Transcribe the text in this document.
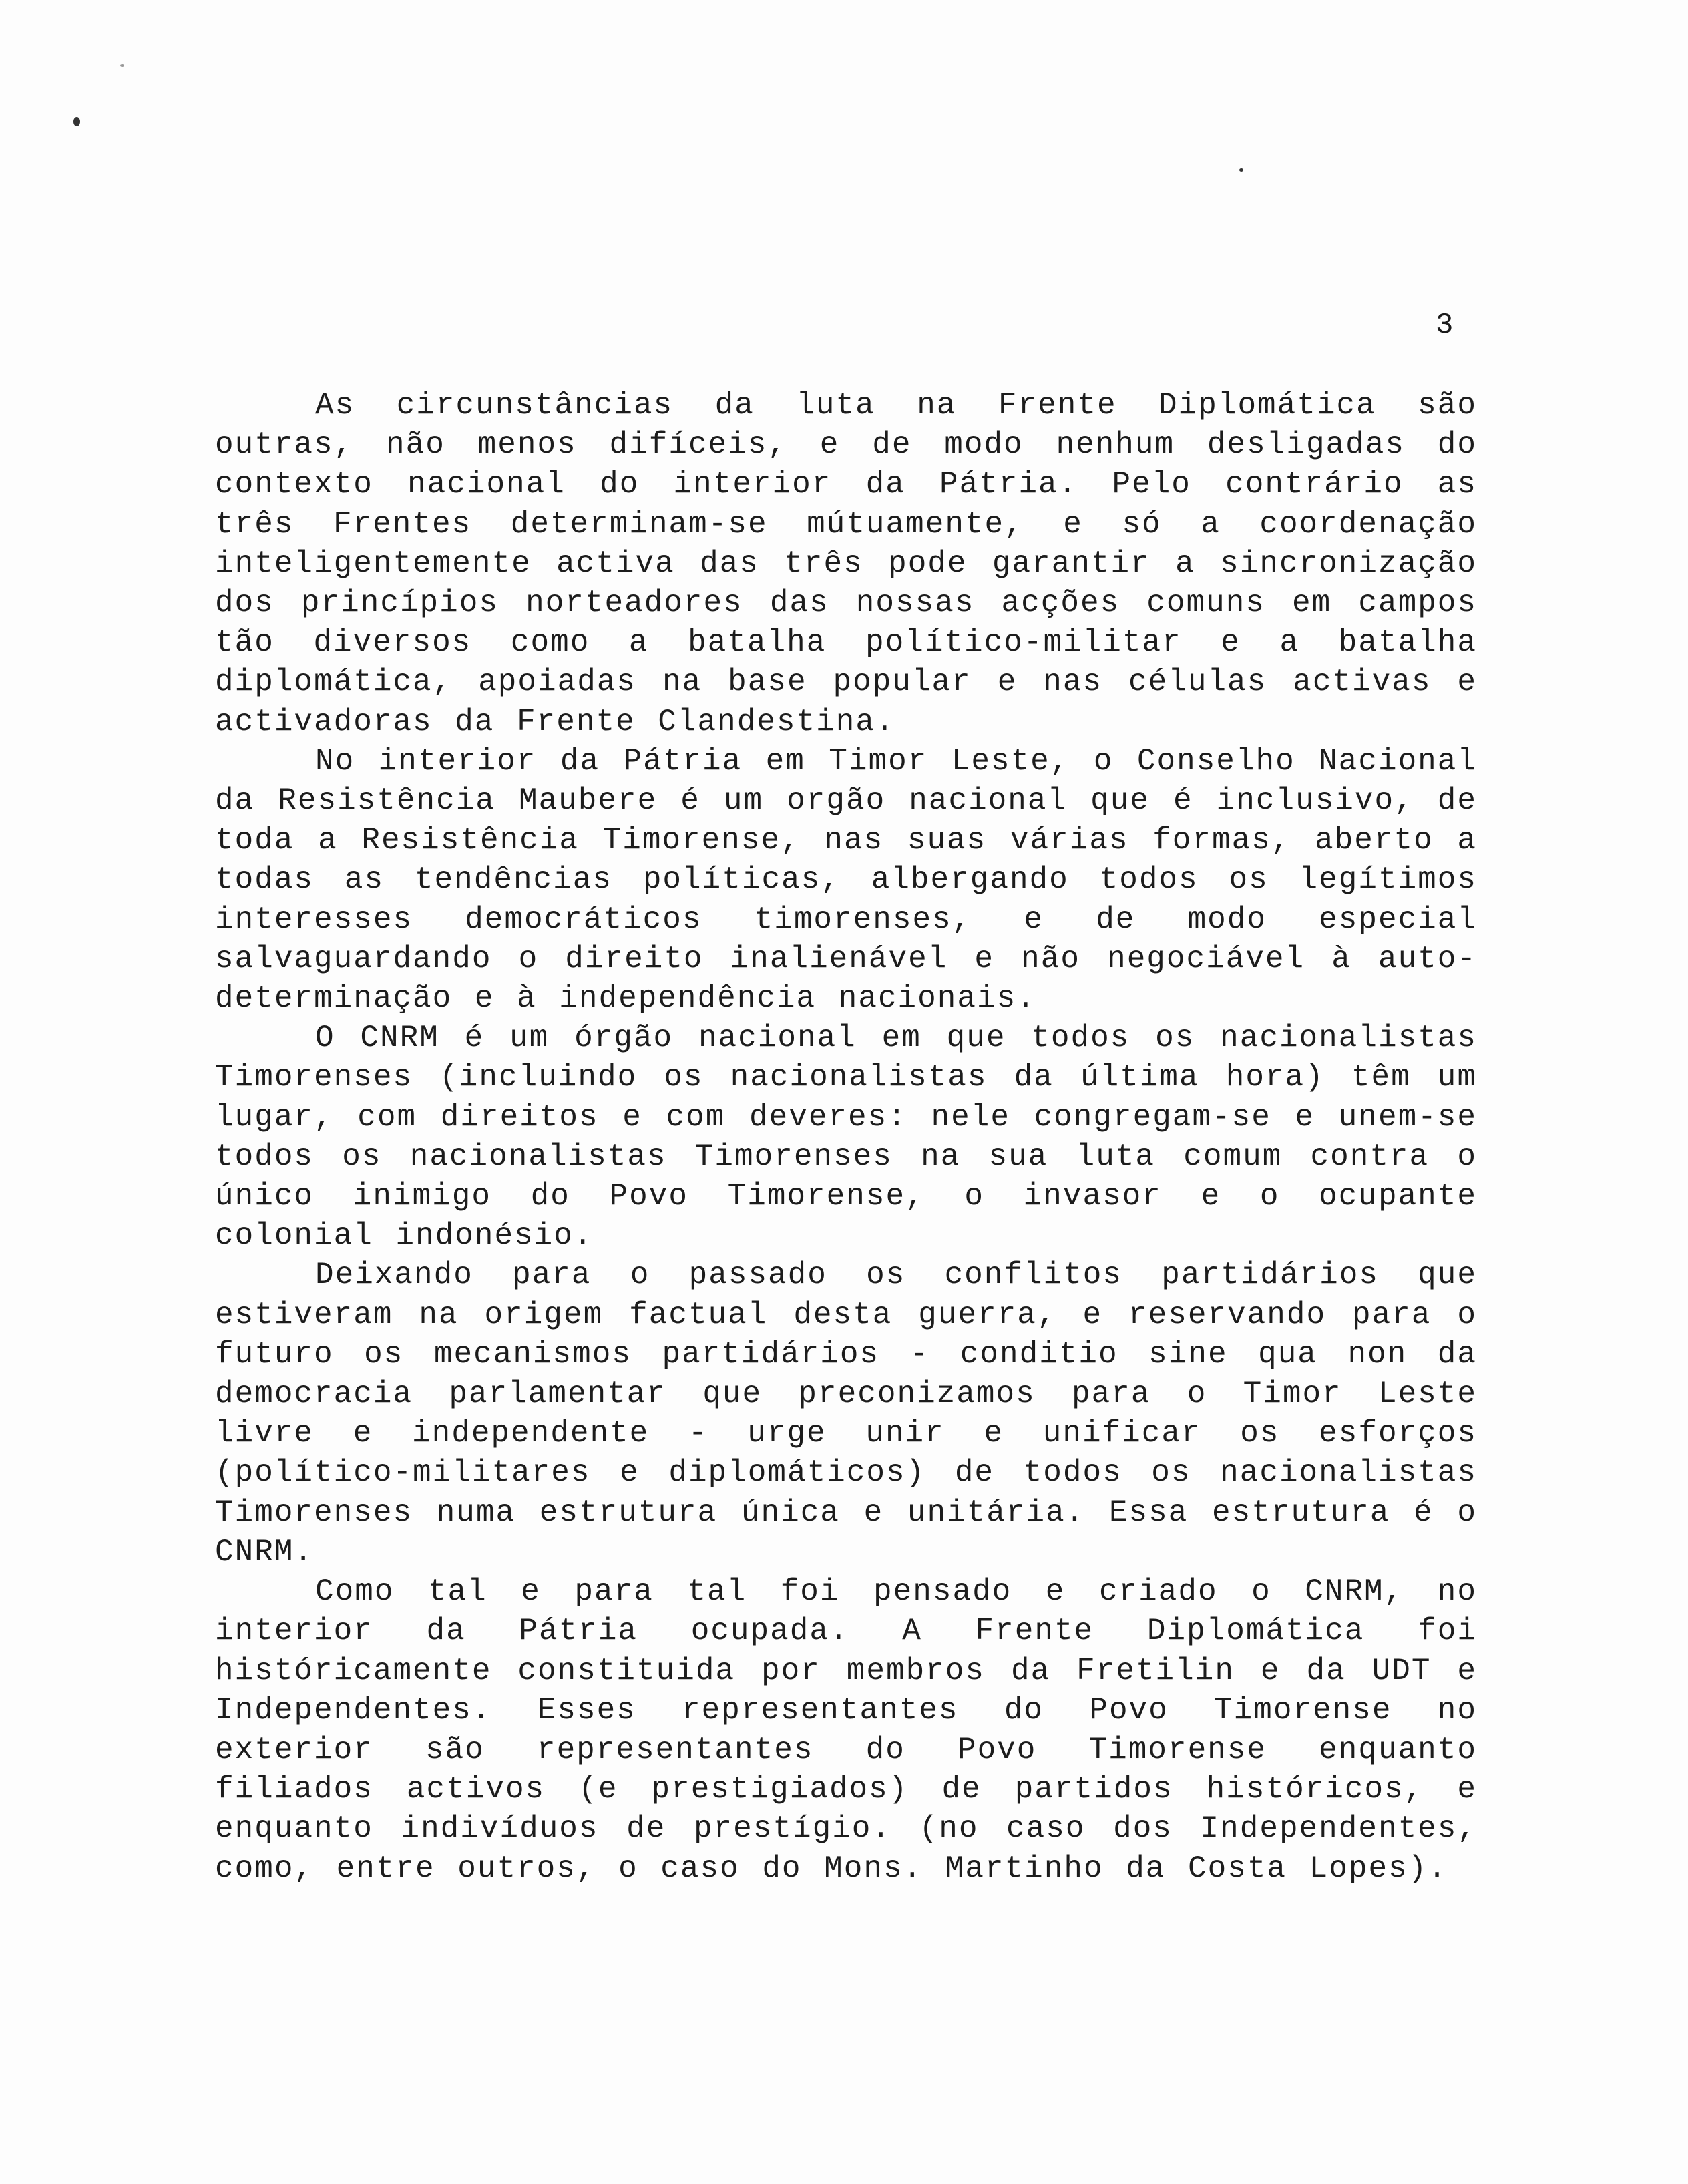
3

As circunstâncias da luta na Frente Diplomática são outras, não menos difíceis, e de modo nenhum desligadas do contexto nacional do interior da Pátria. Pelo contrário as três Frentes determinam-se mútuamente, e só a coordenação inteligentemente activa das três pode garantir a sincronização dos princípios norteadores das nossas acções comuns em campos tão diversos como a batalha político-militar e a batalha diplomática, apoiadas na base popular e nas células activas e activadoras da Frente Clandestina.

No interior da Pátria em Timor Leste, o Conselho Nacional da Resistência Maubere é um orgão nacional que é inclusivo, de toda a Resistência Timorense, nas suas várias formas, aberto a todas as tendências políticas, albergando todos os legítimos interesses democráticos timorenses, e de modo especial salvaguardando o direito inalienável e não negociável à auto-determinação e à independência nacionais.

O CNRM é um órgão nacional em que todos os nacionalistas Timorenses (incluindo os nacionalistas da última hora) têm um lugar, com direitos e com deveres: nele congregam-se e unem-se todos os nacionalistas Timorenses na sua luta comum contra o único inimigo do Povo Timorense, o invasor e o ocupante colonial indonésio.

Deixando para o passado os conflitos partidários que estiveram na origem factual desta guerra, e reservando para o futuro os mecanismos partidários - conditio sine qua non da democracia parlamentar que preconizamos para o Timor Leste livre e independente - urge unir e unificar os esforços (político-militares e diplomáticos) de todos os nacionalistas Timorenses numa estrutura única e unitária. Essa estrutura é o CNRM.

Como tal e para tal foi pensado e criado o CNRM, no interior da Pátria ocupada. A Frente Diplomática foi históricamente constituida por membros da Fretilin e da UDT e Independentes. Esses representantes do Povo Timorense no exterior são representantes do Povo Timorense enquanto filiados activos (e prestigiados) de partidos históricos, e enquanto indivíduos de prestígio. (no caso dos Independentes, como, entre outros, o caso do Mons. Martinho da Costa Lopes).
